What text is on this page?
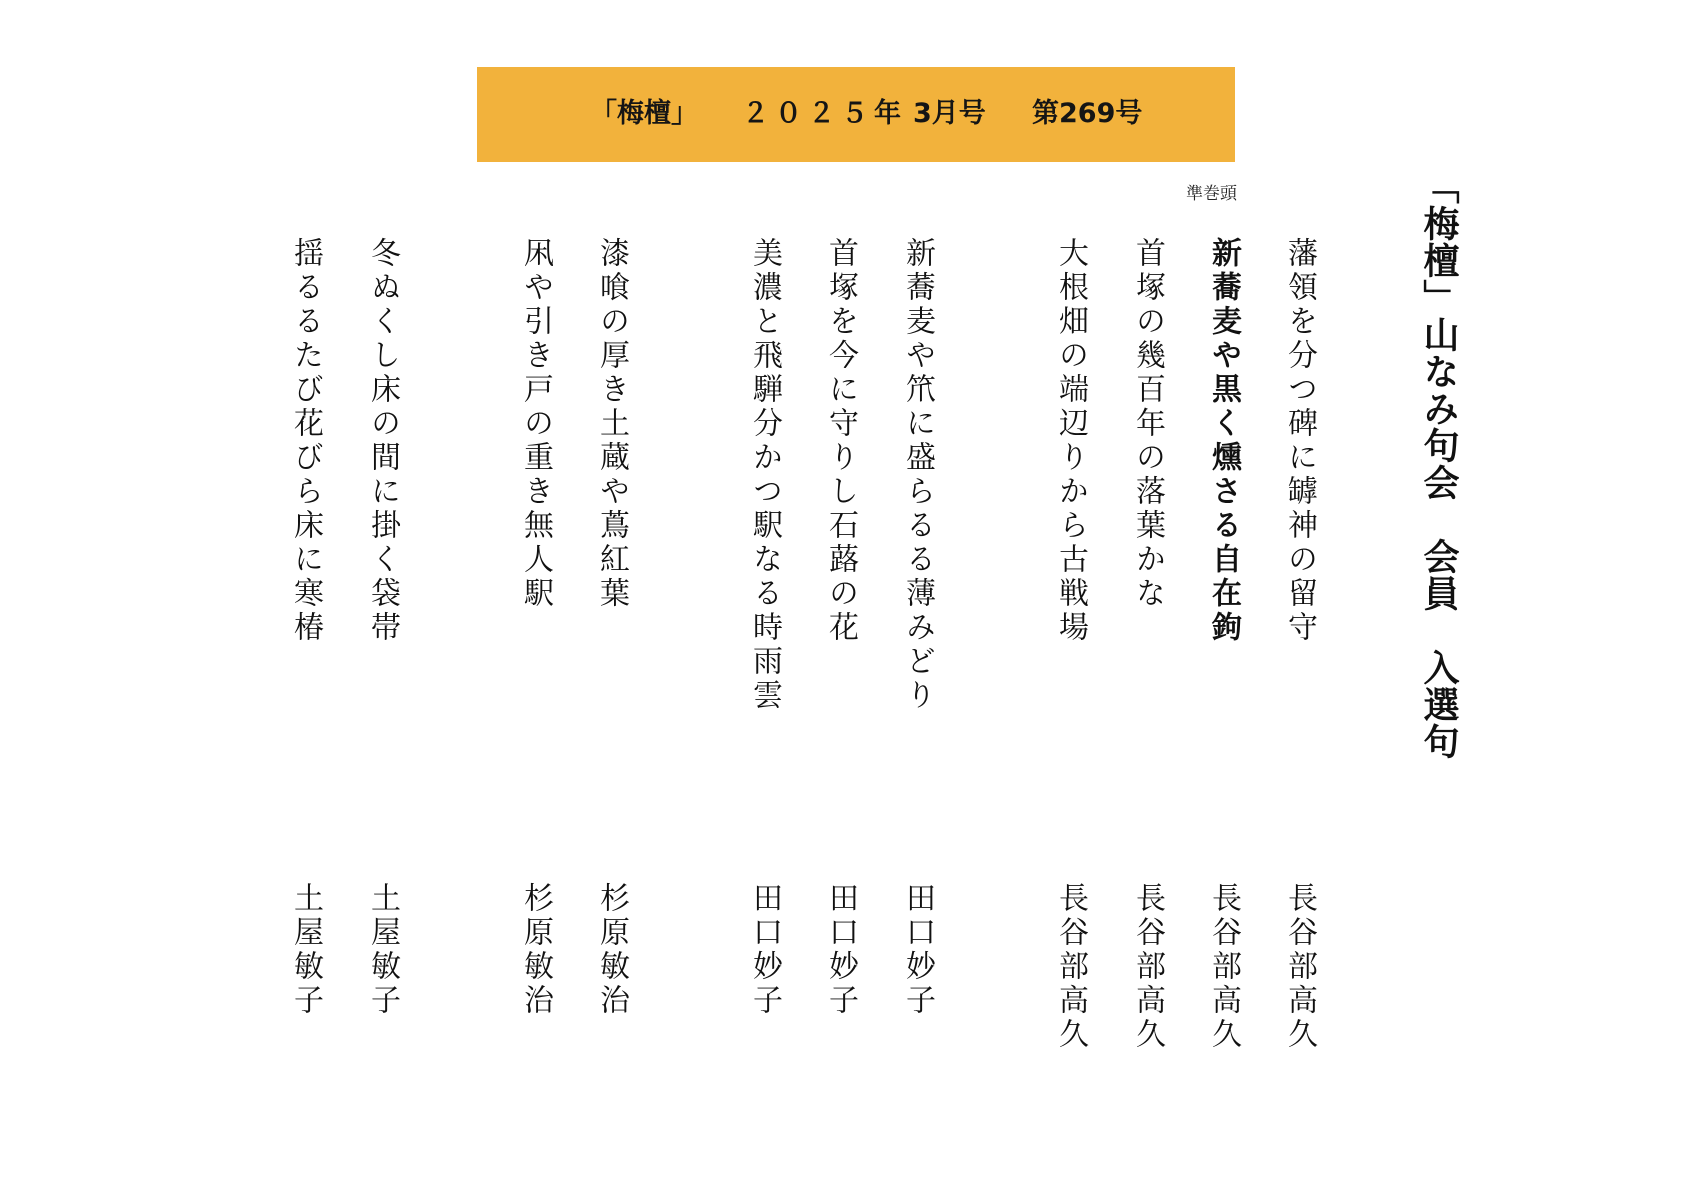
「梅檀」 ２０２５年 3月号 第269号
「梅檀」山なみ句会　会員　入選句
準巻頭
藩領を分つ碑に罅神の留守
新蕎麦や黒く燻さる自在鉤
首塚の幾百年の落葉かな
大根畑の端辺りから古戦場
新蕎麦や笊に盛らるる薄みどり
首塚を今に守りし石蕗の花
美濃と飛騨分かつ駅なる時雨雲
漆喰の厚き土蔵や蔦紅葉
凩や引き戸の重き無人駅
冬ぬくし床の間に掛く袋帯
揺るるたび花びら床に寒椿
長谷部高久
長谷部高久
長谷部高久
長谷部高久
田口妙子
田口妙子
田口妙子
杉原敏治
杉原敏治
土屋敏子
土屋敏子
